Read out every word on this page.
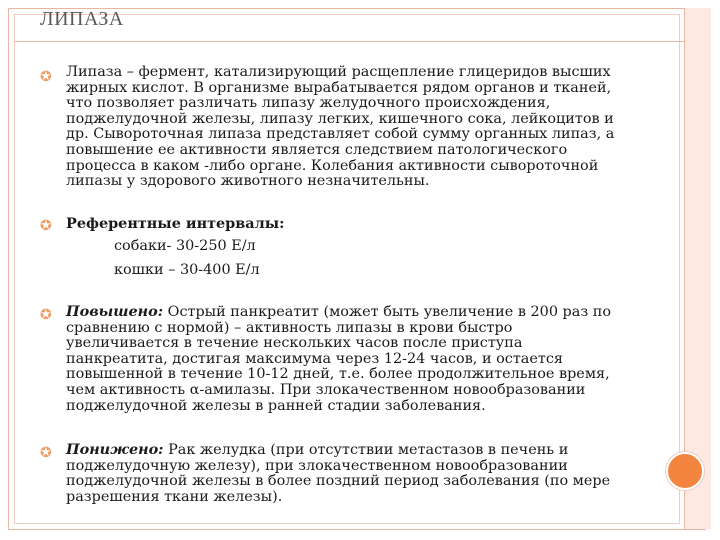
ЛИПАЗА
✪ Липаза – фермент, катализирующий расщепление глицеридов высших жирных кислот. В организме вырабатывается рядом органов и тканей, что позволяет различать липазу желудочного происхождения, поджелудочной железы, липазу легких, кишечного сока, лейкоцитов и др. Сывороточная липаза представляет собой сумму органных липаз, а повышение ее активности является следствием патологического процесса в каком -либо органе. Колебания активности сывороточной липазы у здорового животного незначительны.

✪ Референтные интервалы:

собаки- 30-250 Е/л
кошки – 30-400 Е/л
✪ Повышено: Острый панкреатит (может быть увеличение в 200 раз по сравнению с нормой) – активность липазы в крови быстро увеличивается в течение нескольких часов после приступа панкреатита, достигая максимума через 12-24 часов, и остается повышенной в течение 10-12 дней, т.е. более продолжительное время, чем активность α-амилазы. При злокачественном новообразовании поджелудочной железы в ранней стадии заболевания.

✪ Понижено: Рак желудка (при отсутствии метастазов в печень и поджелудочную железу), при злокачественном новообразовании поджелудочной железы в более поздний период заболевания (по мере разрешения ткани железы).
